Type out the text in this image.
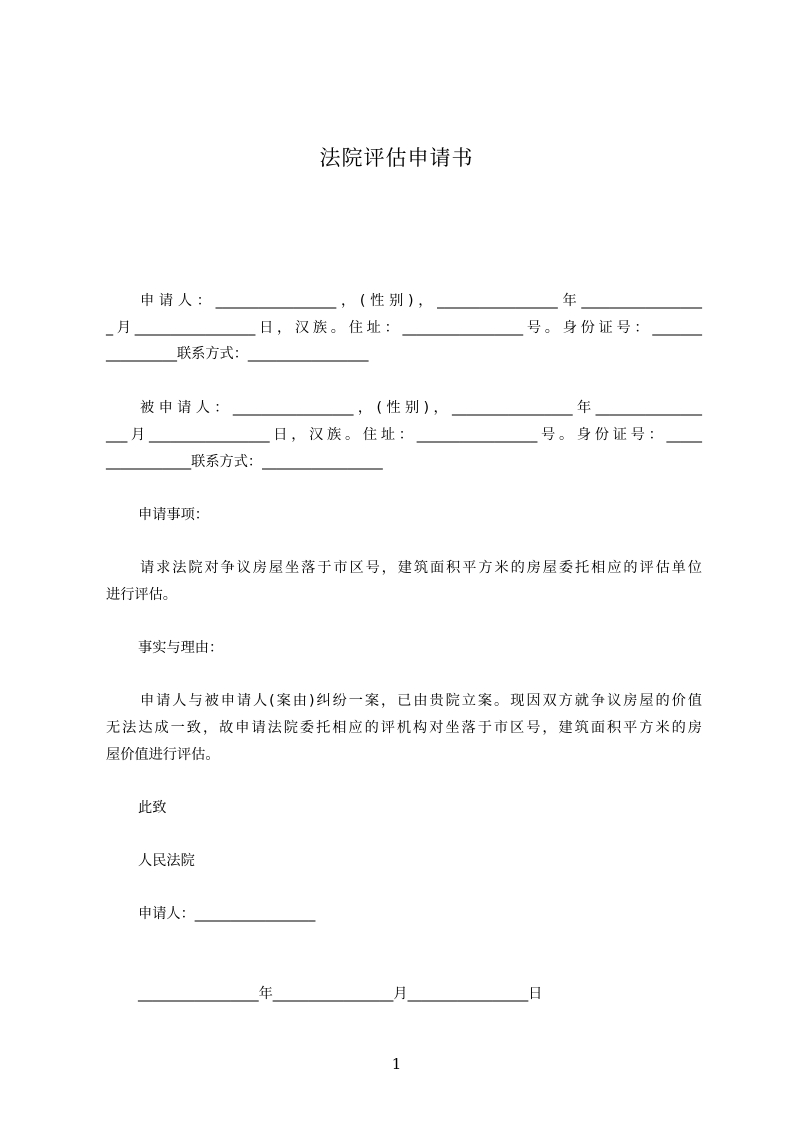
法院评估申请书
申请人：_________________，(性别)，_________________年_________________
_月_________________日，汉族。住址：_________________号。身份证号：_______
__________联系方式：_________________
被申请人：_________________，(性别)，_________________年_______________
___月_________________日，汉族。住址：_________________号。身份证号：_____
____________联系方式：_________________
申请事项：
请求法院对争议房屋坐落于市区号，建筑面积平方米的房屋委托相应的评估单位
进行评估。
事实与理由：
申请人与被申请人(案由)纠纷一案，已由贵院立案。现因双方就争议房屋的价值
无法达成一致，故申请法院委托相应的评机构对坐落于市区号，建筑面积平方米的房
屋价值进行评估。
此致
人民法院
申请人：_________________
_________________年_________________月_________________日
1
